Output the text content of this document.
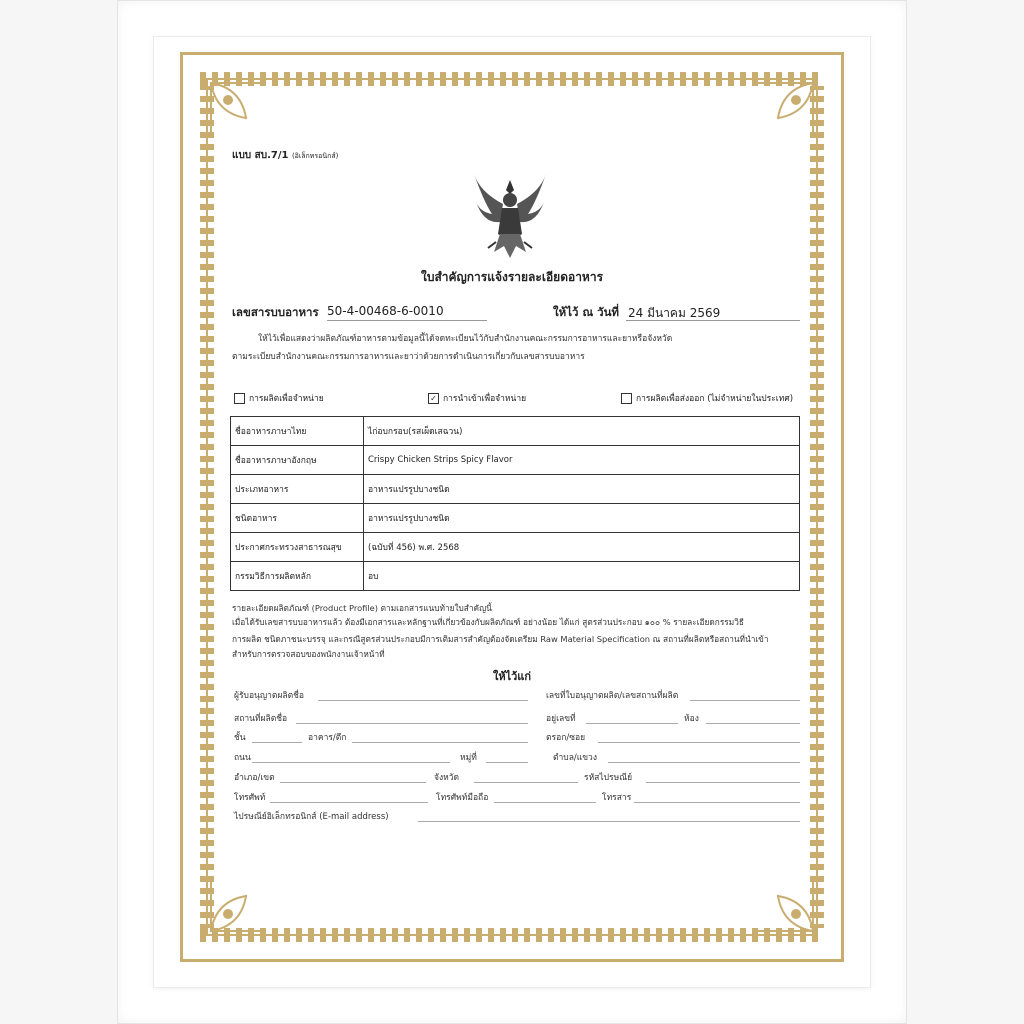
แบบ สบ.7/1 (อิเล็กทรอนิกส์)
ใบสำคัญการแจ้งรายละเอียดอาหาร
เลขสารบบอาหาร 50-4-00468-6-0010	ให้ไว้ ณ วันที่ 24 มีนาคม 2569
ให้ไว้เพื่อแสดงว่าผลิตภัณฑ์อาหารตามข้อมูลนี้ได้จดทะเบียนไว้กับสำนักงานคณะกรรมการอาหารและยาหรือจังหวัด
ตามระเบียบสำนักงานคณะกรรมการอาหารและยาว่าด้วยการดำเนินการเกี่ยวกับเลขสารบบอาหาร
การผลิตเพื่อจำหน่าย	✓ การนำเข้าเพื่อจำหน่าย	การผลิตเพื่อส่งออก (ไม่จำหน่ายในประเทศ)
ชื่ออาหารภาษาไทย	ไก่อบกรอบ(รสเผ็ดเสฉวน)
ชื่ออาหารภาษาอังกฤษ	Crispy Chicken Strips Spicy Flavor
ประเภทอาหาร	อาหารแปรรูปบางชนิด
ชนิดอาหาร	อาหารแปรรูปบางชนิด
ประกาศกระทรวงสาธารณสุข	(ฉบับที่ 456) พ.ศ. 2568
กรรมวิธีการผลิตหลัก	อบ
รายละเอียดผลิตภัณฑ์ (Product Profile) ตามเอกสารแนบท้ายใบสำคัญนี้
เมื่อได้รับเลขสารบบอาหารแล้ว ต้องมีเอกสารและหลักฐานที่เกี่ยวข้องกับผลิตภัณฑ์ อย่างน้อย ได้แก่ สูตรส่วนประกอบ ๑๐๐ % รายละเอียดกรรมวิธี
การผลิต ชนิดภาชนะบรรจุ และกรณีสูตรส่วนประกอบมีการเติมสารสำคัญต้องจัดเตรียม Raw Material Specification ณ สถานที่ผลิตหรือสถานที่นำเข้า
สำหรับการตรวจสอบของพนักงานเจ้าหน้าที่
ให้ไว้แก่
ผู้รับอนุญาตผลิตชื่อ	เลขที่ใบอนุญาตผลิต/เลขสถานที่ผลิต
สถานที่ผลิตชื่อ	อยู่เลขที่	ห้อง
ชั้น	อาคาร/ตึก	ตรอก/ซอย
ถนน	หมู่ที่	ตำบล/แขวง
อำเภอ/เขต	จังหวัด	รหัสไปรษณีย์
โทรศัพท์	โทรศัพท์มือถือ	โทรสาร
ไปรษณีย์อิเล็กทรอนิกส์ (E-mail address)
